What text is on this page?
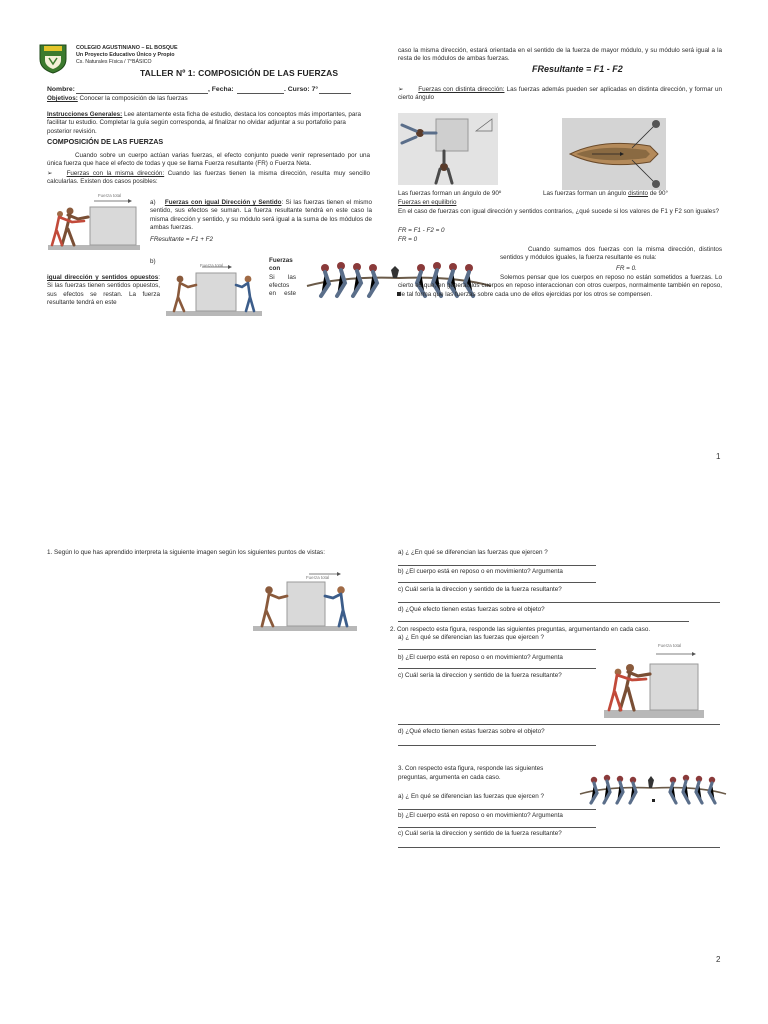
COLEGIO AGUSTINIANO – EL BOSQUE
Un Proyecto Educativo Único y Propio
Cs. Naturales Física / 7°BÁSICO
TALLER Nº 1: COMPOSICIÓN DE LAS FUERZAS
Nombre:	, Fecha:	. Curso: 7°
Objetivos: Conocer la composición de las fuerzas
Instrucciones Generales: Lee atentamente esta ficha de estudio, destaca los conceptos más importantes, para facilitar tu estudio. Completar la guía según corresponda, al finalizar no olvidar adjuntar a su portafolio para posterior revisión.
COMPOSICIÓN DE LAS FUERZAS
Cuando sobre un cuerpo actúan varias fuerzas, el efecto conjunto puede venir representado por una única fuerza que hace el efecto de todas y que se llama Fuerza resultante (FR) o Fuerza Neta.
➢ Fuerzas con la misma dirección: Cuando las fuerzas tienen la misma dirección, resulta muy sencillo calcularlas. Existen dos casos posibles:
Fuerza total
a) Fuerzas con igual Dirección y Sentido: Si las fuerzas tienen el mismo sentido, sus efectos se suman. La fuerza resultante tendrá en este caso la misma dirección y sentido, y su módulo será igual a la suma de los módulos de ambas fuerzas.
FResultante = F1 + F2
b)
Fuerza total
Fuerzas
con
Si las
efectos
en este
igual dirección y sentidos opuestos: Si las fuerzas tienen sentidos opuestos, sus efectos se restan. La fuerza resultante tendrá en este
caso la misma dirección, estará orientada en el sentido de la fuerza de mayor módulo, y su módulo será igual a la resta de los módulos de ambas fuerzas.
FResultante = F1 - F2
➢ Fuerzas con distinta dirección: Las fuerzas además pueden ser aplicadas en distinta dirección, y formar un cierto ángulo
Las fuerzas forman un ángulo de 90º	Las fuerzas forman un ángulo distinto de 90°
Fuerzas en equilibrio
En el caso de fuerzas con igual dirección y sentidos contrarios, ¿qué sucede si los valores de F1 y F2 son iguales?
FR = F1 - F2 = 0
FR = 0
Cuando sumamos dos fuerzas con la misma dirección, distintos sentidos y módulos iguales, la fuerza resultante es nula:
FR = 0.
Solemos pensar que los cuerpos en reposo no están sometidos a fuerzas. Lo cierto es que, en general, los cuerpos en reposo interaccionan con otros cuerpos, normalmente también en reposo, de tal forma que las fuerzas sobre cada uno de ellos ejercidas por los otros se compensen.
1
1. Según lo que has aprendido interpreta la siguiente imagen según los siguientes puntos de vistas:
Fuerza total
a) ¿ ¿En qué se diferencian las fuerzas que ejercen ?
b) ¿El cuerpo está en reposo o en movimiento? Argumenta
c) Cuál sería la direccion y sentido de la fuerza resultante?
d) ¿Qué efecto tienen estas fuerzas sobre el objeto?
2. Con respecto esta figura, responde las siguientes preguntas, argumentando en cada caso.
a) ¿ En qué se diferencian las fuerzas que ejercen ?
b) ¿El cuerpo está en reposo o en movimiento? Argumenta
c) Cuál sería la direccion y sentido de la fuerza resultante?
Fuerza total
d) ¿Qué efecto tienen estas fuerzas sobre el objeto?
3. Con respecto esta figura, responde las siguientes
preguntas, argumenta en cada caso.
a) ¿ En qué se diferencian las fuerzas que ejercen ?
b) ¿El cuerpo está en reposo o en movimiento? Argumenta
c) Cuál sería la direccion y sentido de la fuerza resultante?
2
